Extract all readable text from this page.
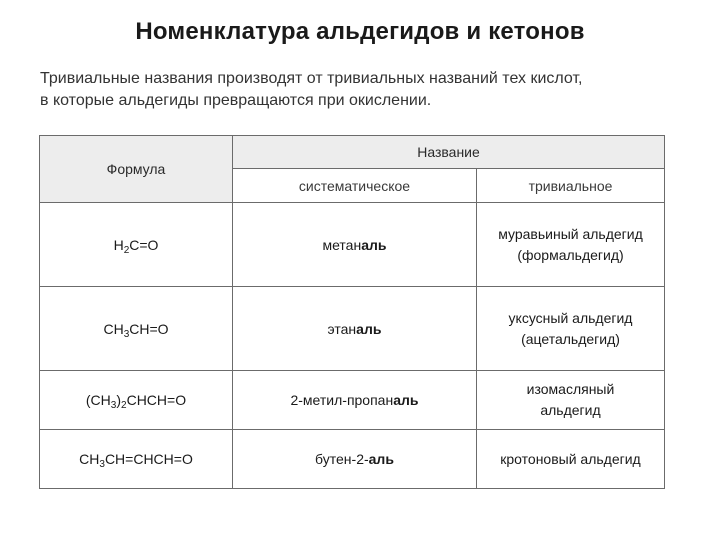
Номенклатура альдегидов и кетонов
Тривиальные названия производят от тривиальных названий тех кислот,
в которые альдегиды превращаются при окислении.
Формула	Название	
	систематическое	тривиальное
$H_2C=O$	метаналь	муравьиный альдегид
(формальдегид)

$CH_3CH=O$	этаналь	уксусный альдегид
(ацетальдегид)

$(CH_3)_2CHCH=O$	2-метил-пропаналь	изомасляный
альдегид

$CH_3CH=CHCH=O$	бутен-2-аль	кротоновый альдегид
